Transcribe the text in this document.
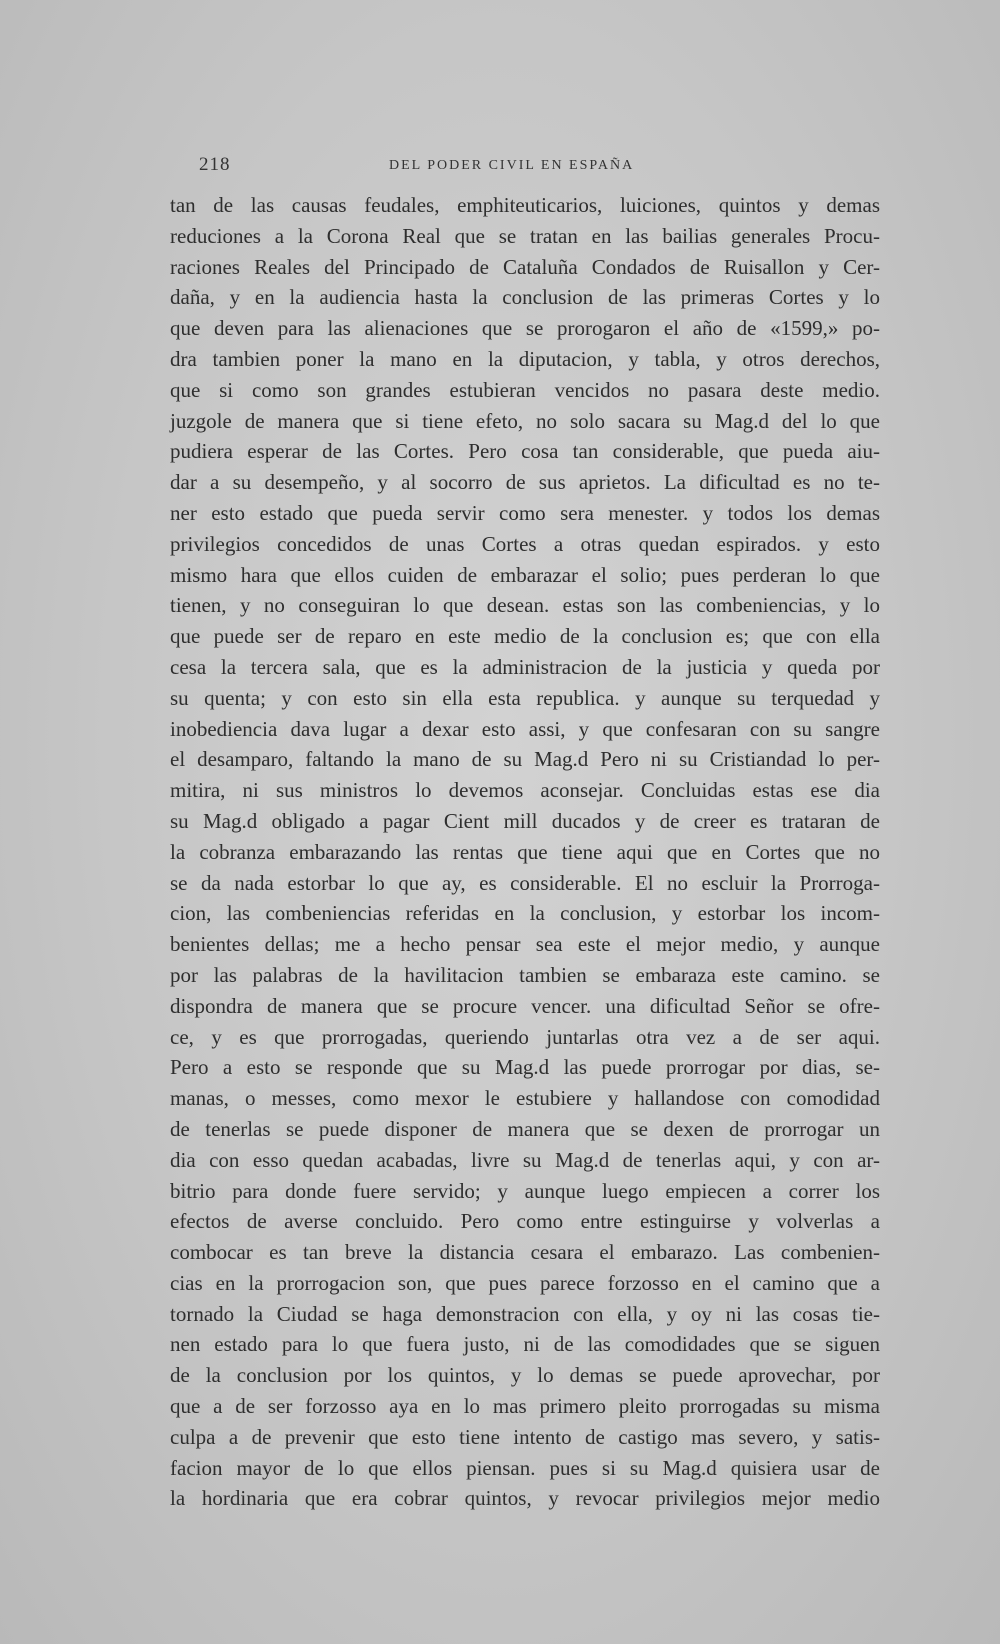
218	DEL PODER CIVIL EN ESPAÑA
tan de las causas feudales, emphiteuticarios, luiciones, quintos y demas
reduciones a la Corona Real que se tratan en las bailias generales Procu-
raciones Reales del Principado de Cataluña Condados de Ruisallon y Cer-
daña, y en la audiencia hasta la conclusion de las primeras Cortes y lo
que deven para las alienaciones que se prorogaron el año de «1599,» po-
dra tambien poner la mano en la diputacion, y tabla, y otros derechos,
que si como son grandes estubieran vencidos no pasara deste medio.
juzgole de manera que si tiene efeto, no solo sacara su Mag.d del lo que
pudiera esperar de las Cortes. Pero cosa tan considerable, que pueda aiu-
dar a su desempeño, y al socorro de sus aprietos. La dificultad es no te-
ner esto estado que pueda servir como sera menester. y todos los demas
privilegios concedidos de unas Cortes a otras quedan espirados. y esto
mismo hara que ellos cuiden de embarazar el solio; pues perderan lo que
tienen, y no conseguiran lo que desean. estas son las combeniencias, y lo
que puede ser de reparo en este medio de la conclusion es; que con ella
cesa la tercera sala, que es la administracion de la justicia y queda por
su quenta; y con esto sin ella esta republica. y aunque su terquedad y
inobediencia dava lugar a dexar esto assi, y que confesaran con su sangre
el desamparo, faltando la mano de su Mag.d Pero ni su Cristiandad lo per-
mitira, ni sus ministros lo devemos aconsejar. Concluidas estas ese dia
su Mag.d obligado a pagar Cient mill ducados y de creer es trataran de
la cobranza embarazando las rentas que tiene aqui que en Cortes que no
se da nada estorbar lo que ay, es considerable. El no escluir la Prorroga-
cion, las combeniencias referidas en la conclusion, y estorbar los incom-
benientes dellas; me a hecho pensar sea este el mejor medio, y aunque
por las palabras de la havilitacion tambien se embaraza este camino. se
dispondra de manera que se procure vencer. una dificultad Señor se ofre-
ce, y es que prorrogadas, queriendo juntarlas otra vez a de ser aqui.
Pero a esto se responde que su Mag.d las puede prorrogar por dias, se-
manas, o messes, como mexor le estubiere y hallandose con comodidad
de tenerlas se puede disponer de manera que se dexen de prorrogar un
dia con esso quedan acabadas, livre su Mag.d de tenerlas aqui, y con ar-
bitrio para donde fuere servido; y aunque luego empiecen a correr los
efectos de averse concluido. Pero como entre estinguirse y volverlas a
combocar es tan breve la distancia cesara el embarazo. Las combenien-
cias en la prorrogacion son, que pues parece forzosso en el camino que a
tornado la Ciudad se haga demonstracion con ella, y oy ni las cosas tie-
nen estado para lo que fuera justo, ni de las comodidades que se siguen
de la conclusion por los quintos, y lo demas se puede aprovechar, por
que a de ser forzosso aya en lo mas primero pleito prorrogadas su misma
culpa a de prevenir que esto tiene intento de castigo mas severo, y satis-
facion mayor de lo que ellos piensan. pues si su Mag.d quisiera usar de
la hordinaria que era cobrar quintos, y revocar privilegios mejor medio
